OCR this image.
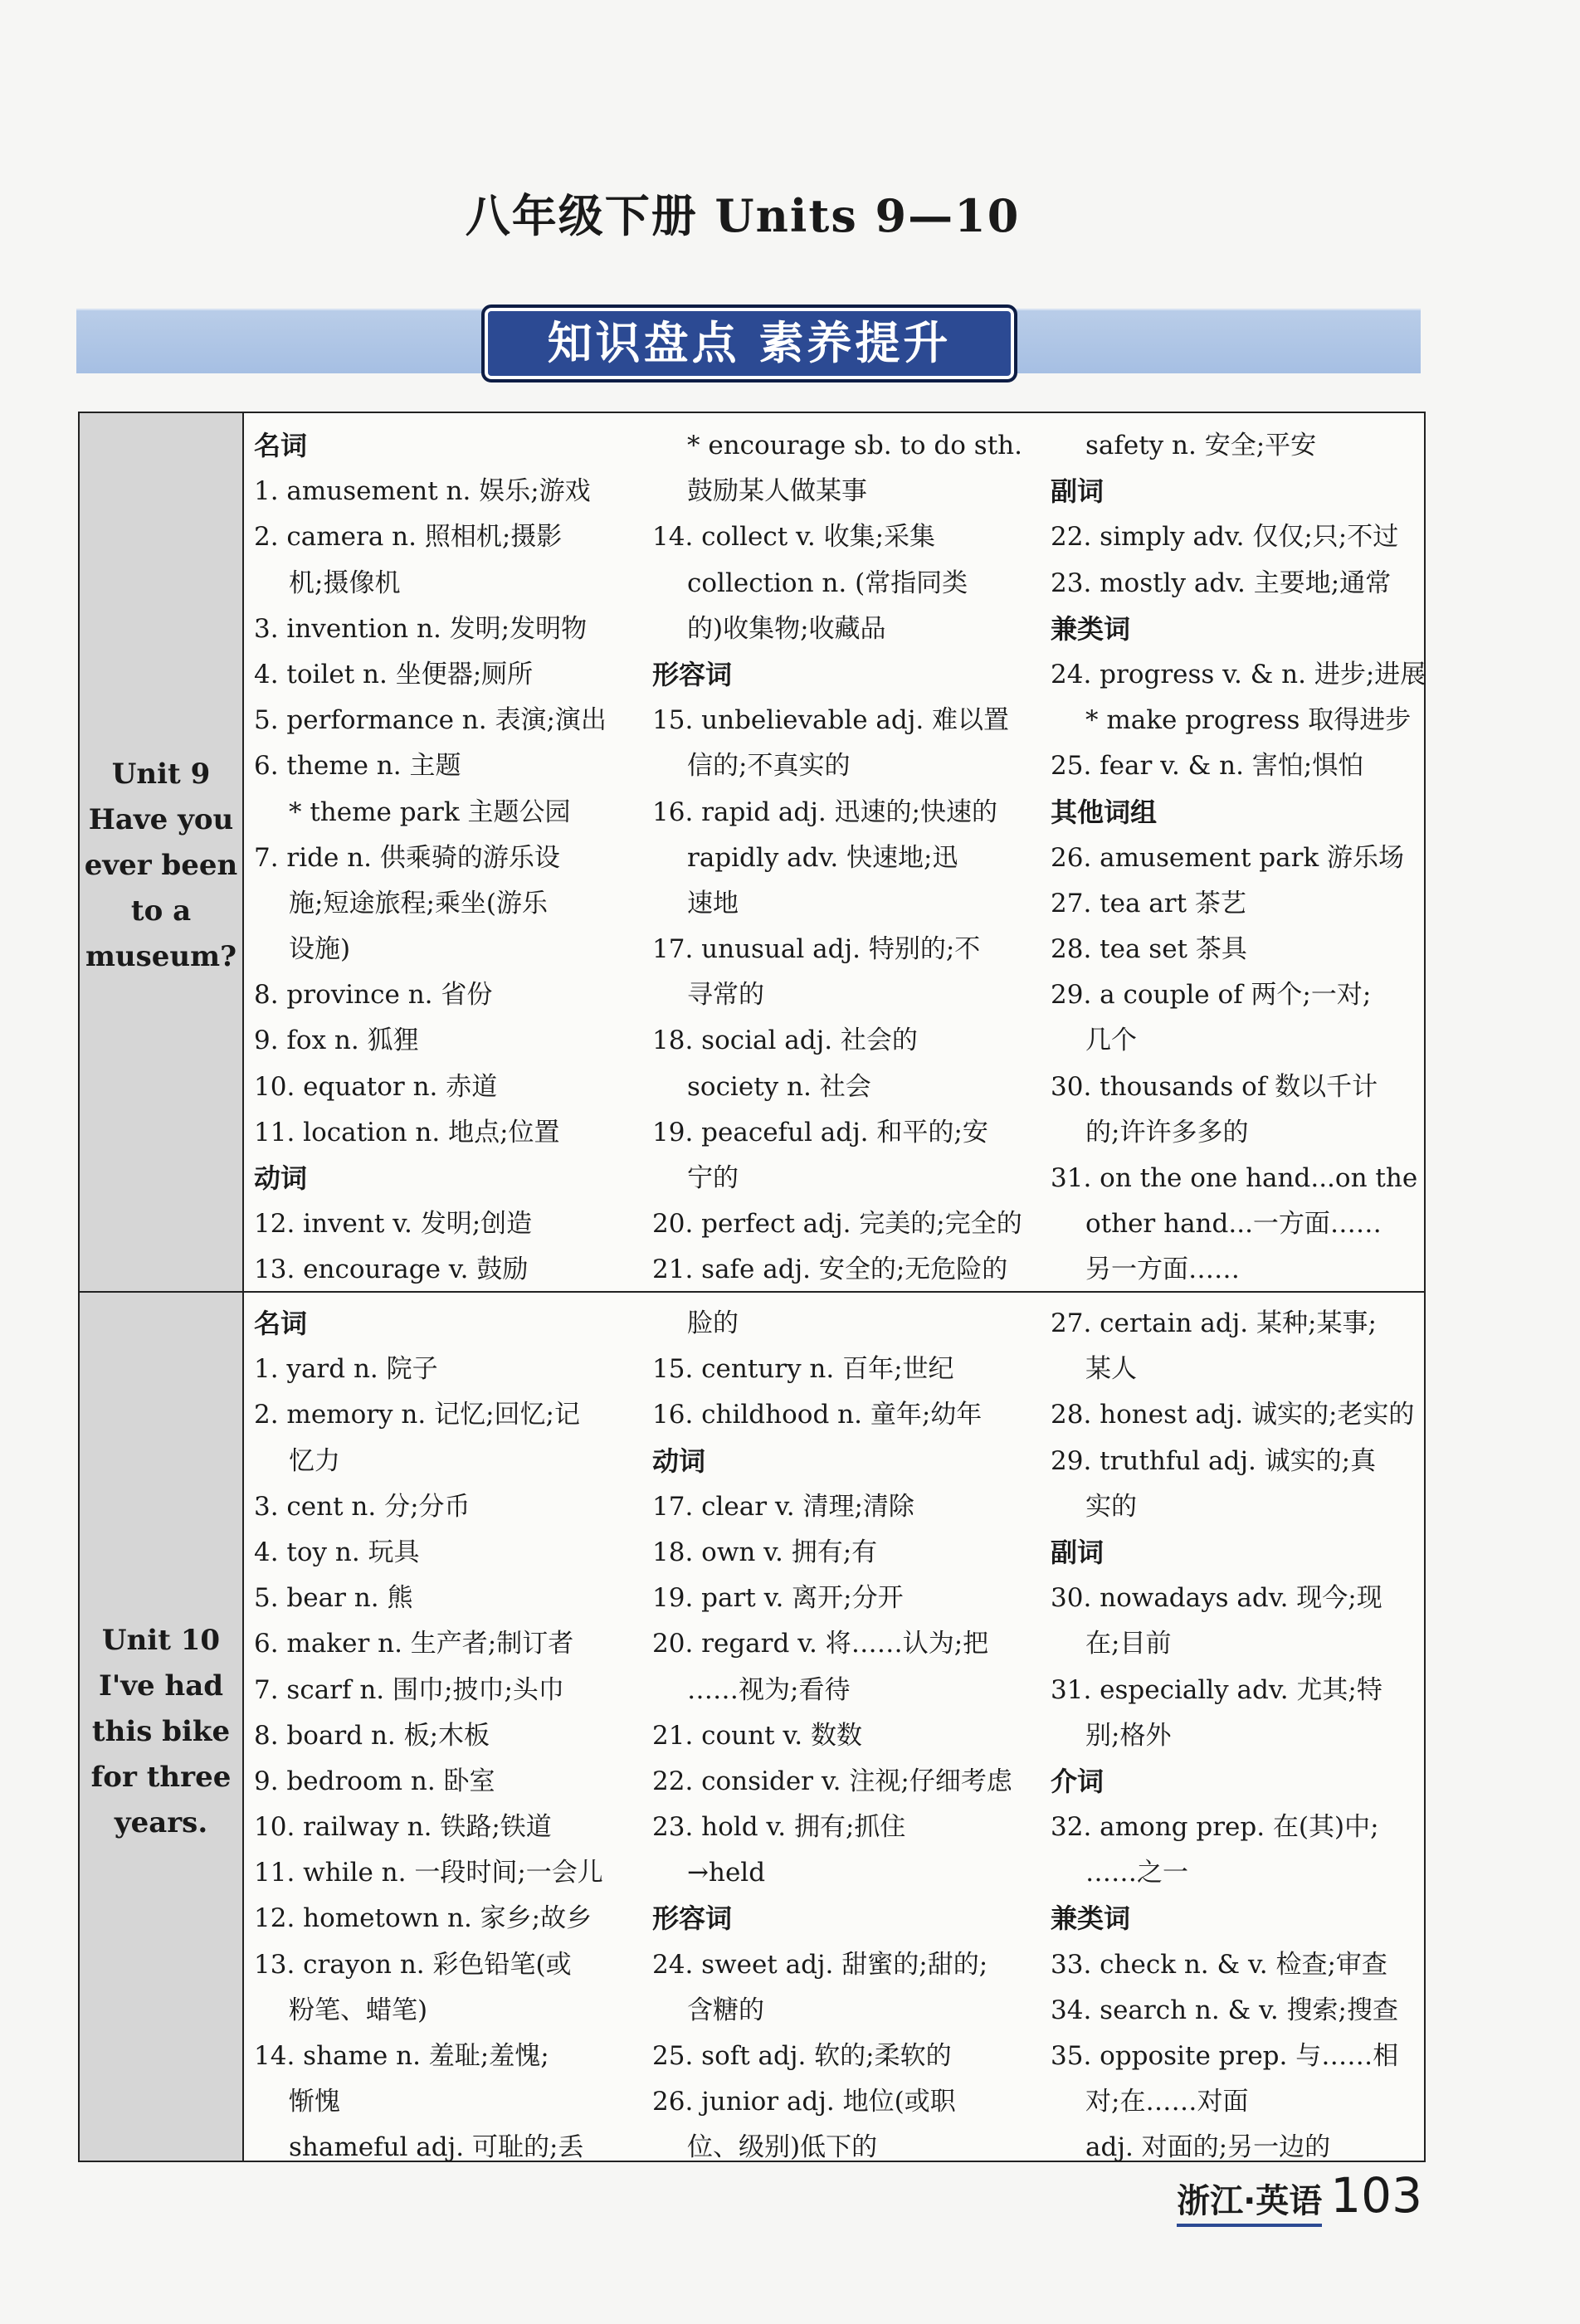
八年级下册 Units 9—10
知识盘点 素养提升
Unit 9
Have you
ever been
to a
museum?
Unit 10
I've had
this bike
for three
years.
名词
1. amusement n. 娱乐;游戏
2. camera n. 照相机;摄影
机;摄像机
3. invention n. 发明;发明物
4. toilet n. 坐便器;厕所
5. performance n. 表演;演出
6. theme n. 主题
* theme park 主题公园
7. ride n. 供乘骑的游乐设
施;短途旅程;乘坐(游乐
设施)
8. province n. 省份
9. fox n. 狐狸
10. equator n. 赤道
11. location n. 地点;位置
动词
12. invent v. 发明;创造
13. encourage v. 鼓励
* encourage sb. to do sth.
鼓励某人做某事
14. collect v. 收集;采集
collection n. (常指同类
的)收集物;收藏品
形容词
15. unbelievable adj. 难以置
信的;不真实的
16. rapid adj. 迅速的;快速的
rapidly adv. 快速地;迅
速地
17. unusual adj. 特别的;不
寻常的
18. social adj. 社会的
society n. 社会
19. peaceful adj. 和平的;安
宁的
20. perfect adj. 完美的;完全的
21. safe adj. 安全的;无危险的
safety n. 安全;平安
副词
22. simply adv. 仅仅;只;不过
23. mostly adv. 主要地;通常
兼类词
24. progress v. & n. 进步;进展
* make progress 取得进步
25. fear v. & n. 害怕;惧怕
其他词组
26. amusement park 游乐场
27. tea art 茶艺
28. tea set 茶具
29. a couple of 两个;一对;
几个
30. thousands of 数以千计
的;许许多多的
31. on the one hand...on the
other hand...一方面……
另一方面……
名词
1. yard n. 院子
2. memory n. 记忆;回忆;记
忆力
3. cent n. 分;分币
4. toy n. 玩具
5. bear n. 熊
6. maker n. 生产者;制订者
7. scarf n. 围巾;披巾;头巾
8. board n. 板;木板
9. bedroom n. 卧室
10. railway n. 铁路;铁道
11. while n. 一段时间;一会儿
12. hometown n. 家乡;故乡
13. crayon n. 彩色铅笔(或
粉笔、蜡笔)
14. shame n. 羞耻;羞愧;
惭愧
shameful adj. 可耻的;丢
脸的
15. century n. 百年;世纪
16. childhood n. 童年;幼年
动词
17. clear v. 清理;清除
18. own v. 拥有;有
19. part v. 离开;分开
20. regard v. 将……认为;把
……视为;看待
21. count v. 数数
22. consider v. 注视;仔细考虑
23. hold v. 拥有;抓住
→held
形容词
24. sweet adj. 甜蜜的;甜的;
含糖的
25. soft adj. 软的;柔软的
26. junior adj. 地位(或职
位、级别)低下的
27. certain adj. 某种;某事;
某人
28. honest adj. 诚实的;老实的
29. truthful adj. 诚实的;真
实的
副词
30. nowadays adv. 现今;现
在;目前
31. especially adv. 尤其;特
别;格外
介词
32. among prep. 在(其)中;
……之一
兼类词
33. check n. & v. 检查;审查
34. search n. & v. 搜索;搜查
35. opposite prep. 与……相
对;在……对面
adj. 对面的;另一边的
浙江·英语 103
